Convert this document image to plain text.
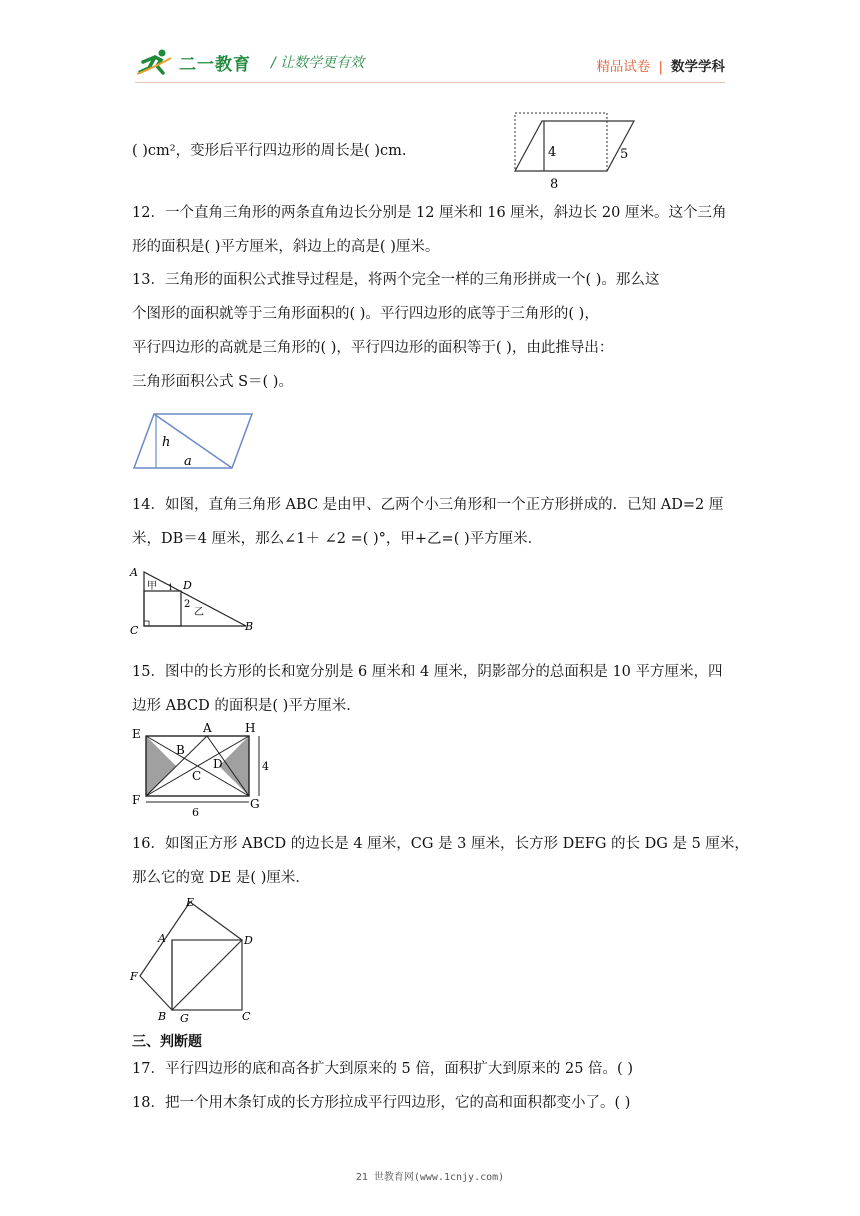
二一教育 / 让数学更有效	精品试卷 | 数学学科
( )cm²，变形后平行四边形的周长是( )cm.	4	5
8
12．一个直角三角形的两条直角边长分别是 12 厘米和 16 厘米，斜边长 20 厘米。这个三角
形的面积是( )平方厘米，斜边上的高是( )厘米。
13．三角形的面积公式推导过程是，将两个完全一样的三角形拼成一个( )。那么这
个图形的面积就等于三角形面积的( )。平行四边形的底等于三角形的( )，
平行四边形的高就是三角形的( )，平行四边形的面积等于( )，由此推导出：
三角形面积公式 S＝( )。
h
a
14．如图，直角三角形 ABC 是由甲、乙两个小三角形和一个正方形拼成的．已知 AD=2 厘
米，DB＝4 厘米，那么∠1＋ ∠2 =( )°，甲+乙=( )平方厘米．
A
D
C	B
甲 1
2
乙
15．图中的长方形的长和宽分别是 6 厘米和 4 厘米，阴影部分的总面积是 10 平方厘米，四
边形 ABCD 的面积是( )平方厘米．
E	A	H
B
D
C
F	G
4
6
16．如图正方形 ABCD 的边长是 4 厘米，CG 是 3 厘米，长方形 DEFG 的长 DG 是 5 厘米，
那么它的宽 DE 是( )厘米．
E
A	D
F
B G	C
三、判断题
17．平行四边形的底和高各扩大到原来的 5 倍，面积扩大到原来的 25 倍。( )
18．把一个用木条钉成的长方形拉成平行四边形，它的高和面积都变小了。( )
21 世教育网(www.1cnjy.com)
